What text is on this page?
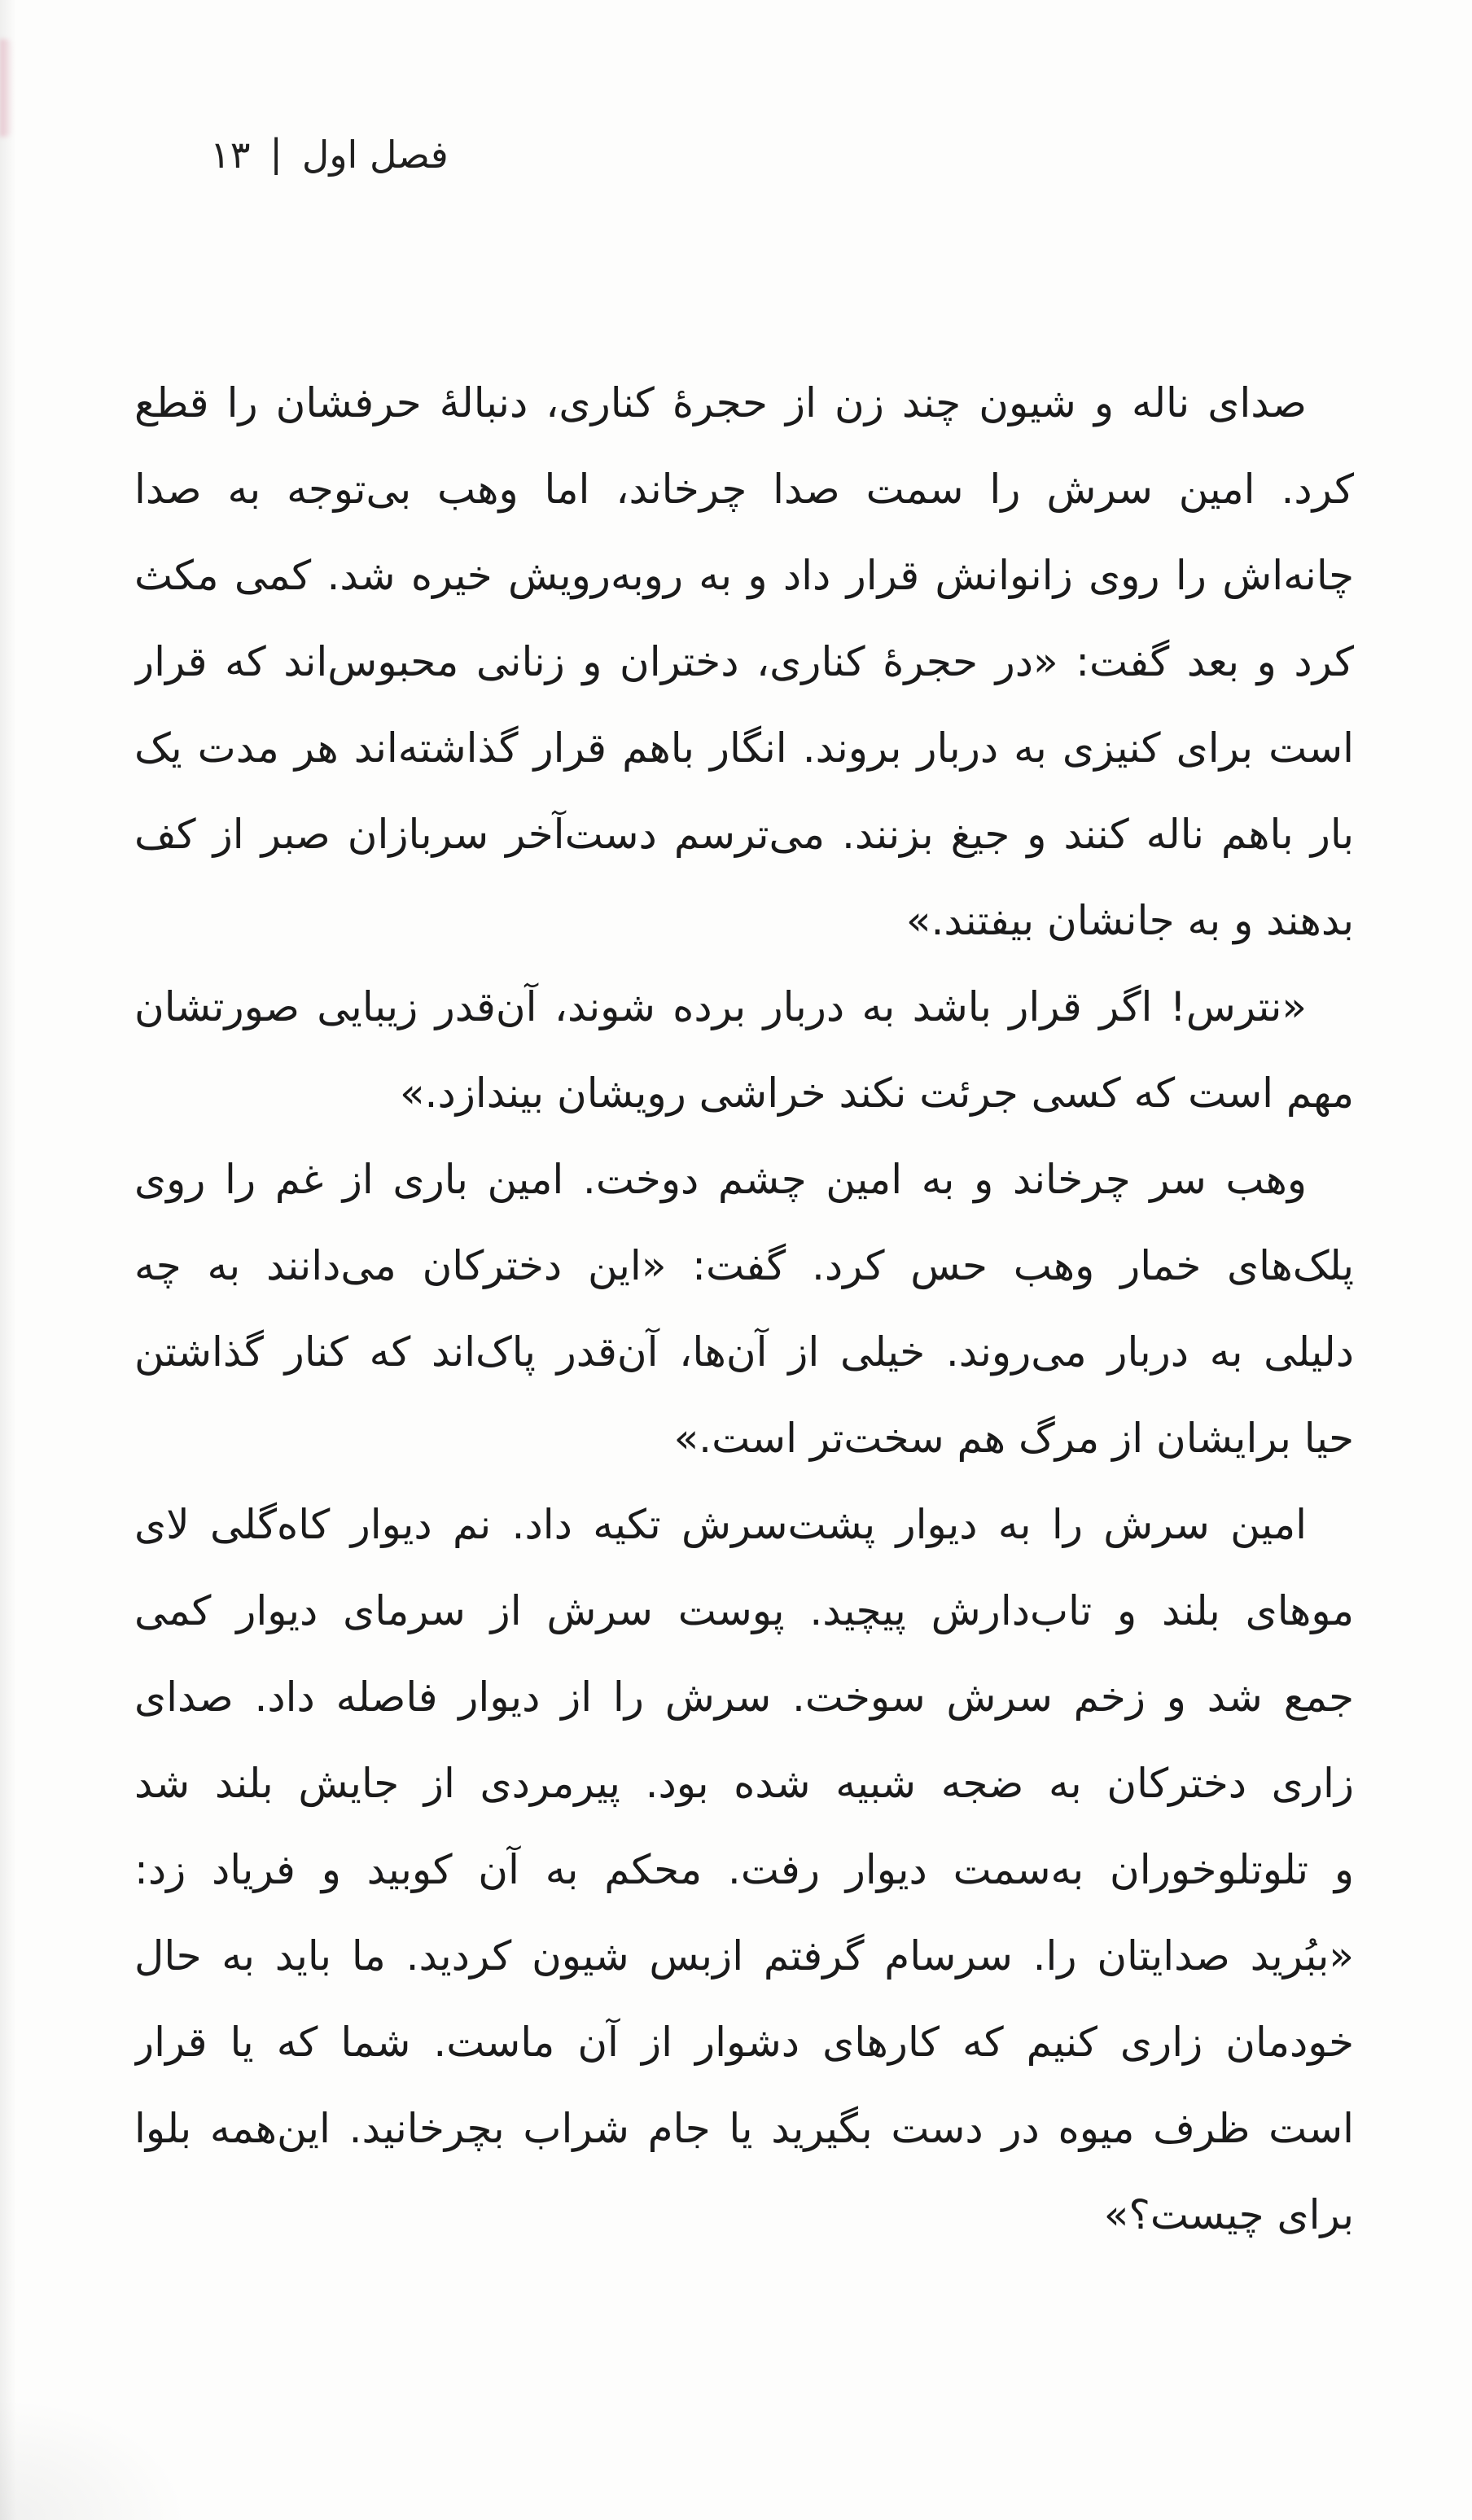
فصل اول|۱۳
صدای ناله و شیون چند زن از حجرۀ کناری، دنبالۀ حرفشان را قطع
کرد. امین سرش را سمت صدا چرخاند، اما وهب بی‌توجه به صدا
چانه‌اش را روی زانوانش قرار داد و به روبه‌رویش خیره شد. کمی مکث
کرد و بعد گفت: «در حجرۀ کناری، دختران و زنانی محبوس‌اند که قرار
است برای کنیزی به دربار بروند. انگار باهم قرار گذاشته‌اند هر مدت یک
بار باهم ناله کنند و جیغ بزنند. می‌ترسم دست‌آخر سربازان صبر از کف
بدهند و به جانشان بیفتند.»
«نترس! اگر قرار باشد به دربار برده شوند، آن‌قدر زیبایی صورتشان
مهم است که کسی جرئت نکند خراشی رویشان بیندازد.»
وهب سر چرخاند و به امین چشم دوخت. امین باری از غم را روی
پلک‌های خمار وهب حس کرد. گفت: «این دخترکان می‌دانند به چه
دلیلی به دربار می‌روند. خیلی از آن‌ها، آن‌قدر پاک‌اند که کنار گذاشتن
حیا برایشان از مرگ هم سخت‌تر است.»
امین سرش را به دیوار پشت‌سرش تکیه داد. نم دیوار کاه‌گلی لای
موهای بلند و تاب‌دارش پیچید. پوست سرش از سرمای دیوار کمی
جمع شد و زخم سرش سوخت. سرش را از دیوار فاصله داد. صدای
زاری دخترکان به ضجه شبیه شده بود. پیرمردی از جایش بلند شد
و تلوتلوخوران به‌سمت دیوار رفت. محکم به آن کوبید و فریاد زد:
«ببُرید صدایتان را. سرسام گرفتم ازبس شیون کردید. ما باید به حال
خودمان زاری کنیم که کارهای دشوار از آن ماست. شما که یا قرار
است ظرف میوه در دست بگیرید یا جام شراب بچرخانید. این‌همه بلوا
برای چیست؟»
